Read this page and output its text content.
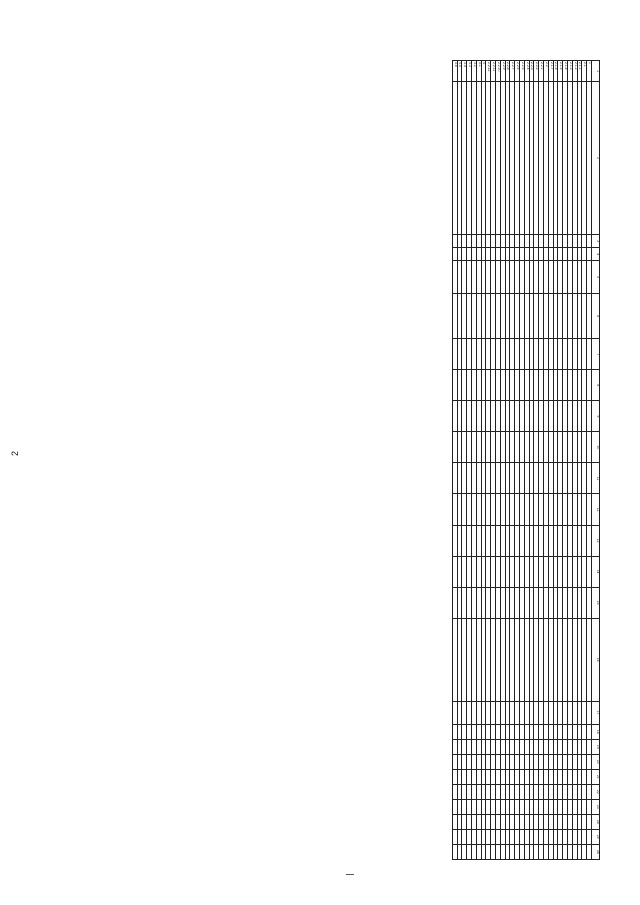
2
1	2	3	4	5	6	7	8	9	10	11	12	13	14	15	16	17	18	19	20	21	22	23	24	25	26
1																									
2.1																									
2.1.1																									
2.1.2																									
2.1.3																									
2.1.4																									
2.1.5																									
2.1.6																									
2.1.7																									
2.2																									
2.2.1																									
2.2.2																									
2.2.3																									
2.2.4																									
2.2.5																									
2.2.6																									
2.2.7																									
2.2.8																									
2.2.9																									
2.2.10																									
2.2.11																									
2.2.12																									
3																									
3.1																									
3.2																									
3.3																									
3.4																									
3.5																									
3.6																									
